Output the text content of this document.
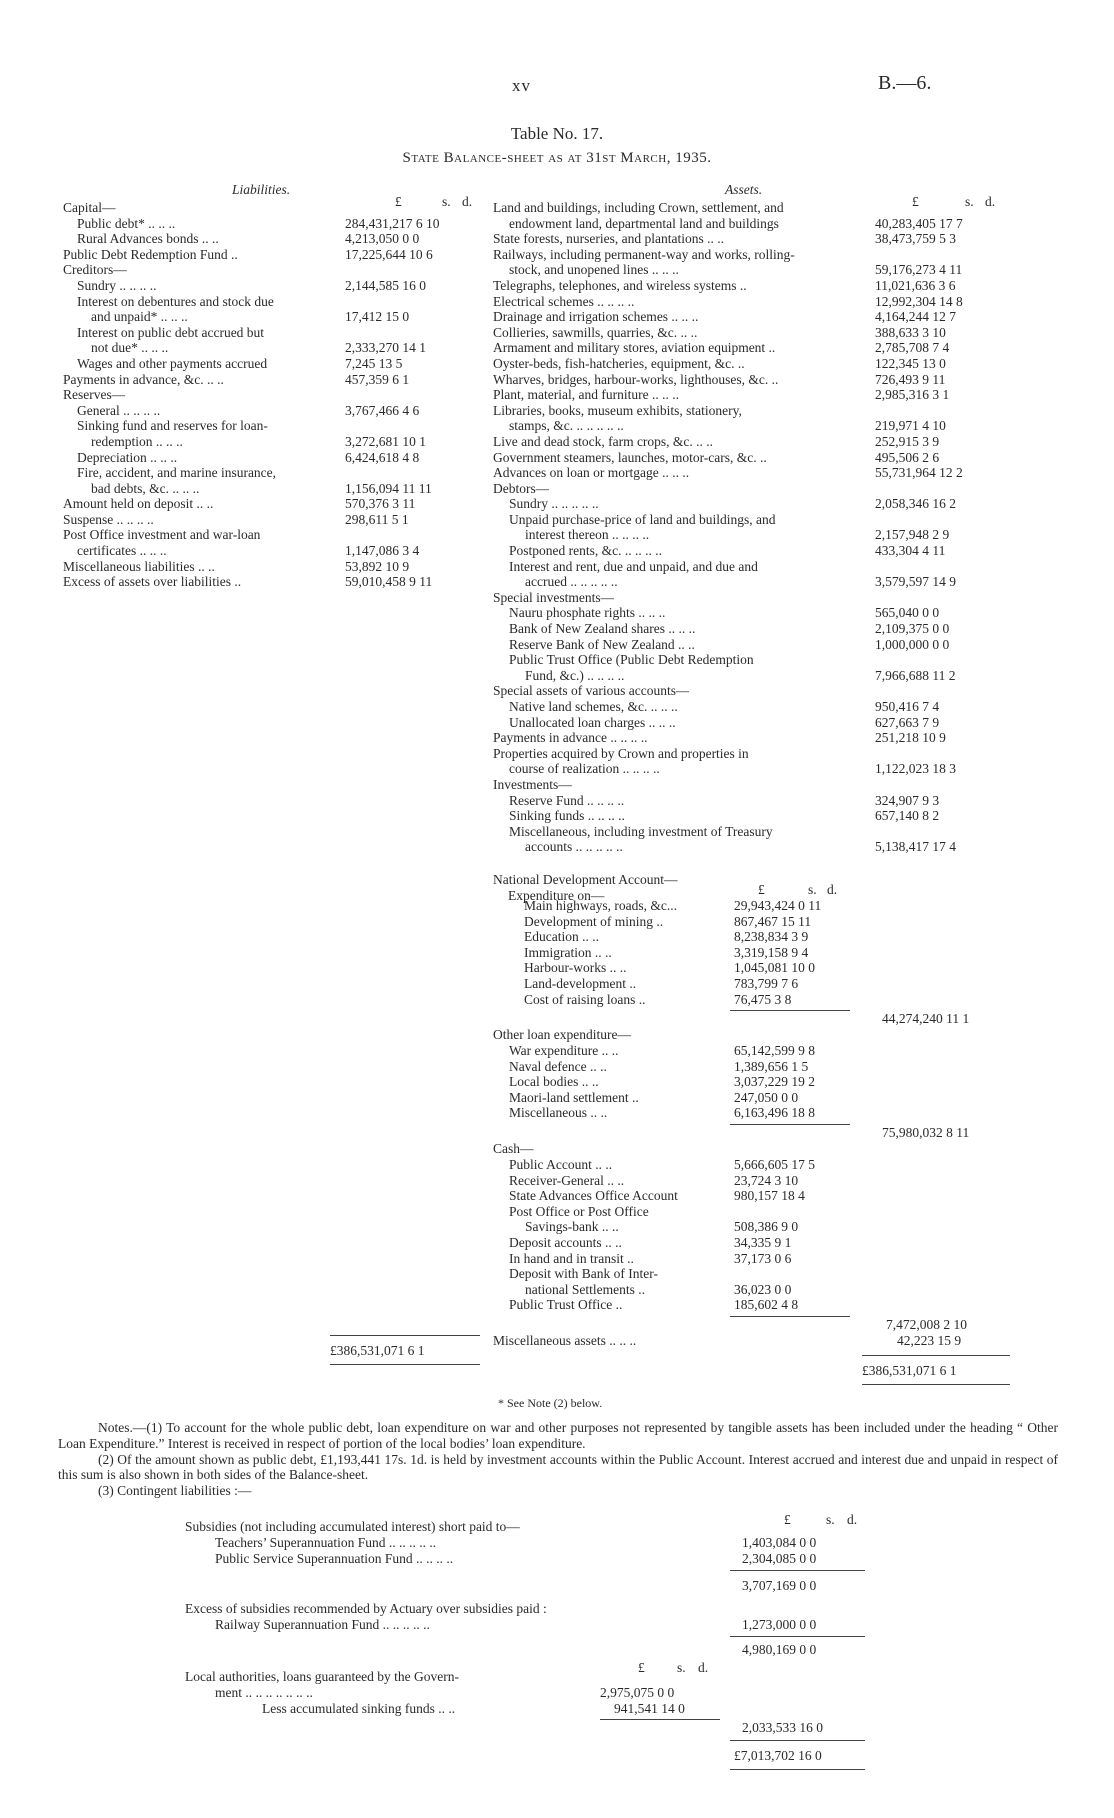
xv	B.—6.
Table No. 17.
State Balance-sheet as at 31st March, 1935.
Liabilities.
£	s. d.
Capital—
Public debt* .. .. ..	284,431,217 6 10
Rural Advances bonds .. ..	4,213,050 0 0
Public Debt Redemption Fund ..	17,225,644 10 6
Creditors—
Sundry .. .. .. ..	2,144,585 16 0
Interest on debentures and stock due
and unpaid* .. .. ..	17,412 15 0
Interest on public debt accrued but
not due* .. .. ..	2,333,270 14 1
Wages and other payments accrued	7,245 13 5
Payments in advance, &c. .. ..	457,359 6 1
Reserves—
General .. .. .. ..	3,767,466 4 6
Sinking fund and reserves for loan-
redemption .. .. ..	3,272,681 10 1
Depreciation .. .. ..	6,424,618 4 8
Fire, accident, and marine insurance,
bad debts, &c. .. .. ..	1,156,094 11 11
Amount held on deposit .. ..	570,376 3 11
Suspense .. .. .. ..	298,611 5 1
Post Office investment and war-loan
certificates .. .. ..	1,147,086 3 4
Miscellaneous liabilities .. ..	53,892 10 9
Excess of assets over liabilities ..	59,010,458 9 11
£386,531,071 6 1
Assets.
£	s. d.
Land and buildings, including Crown, settlement, and
endowment land, departmental land and buildings	40,283,405 17 7
State forests, nurseries, and plantations .. ..	38,473,759 5 3
Railways, including permanent-way and works, rolling-
stock, and unopened lines .. .. ..	59,176,273 4 11
Telegraphs, telephones, and wireless systems ..	11,021,636 3 6
Electrical schemes .. .. .. ..	12,992,304 14 8
Drainage and irrigation schemes .. .. ..	4,164,244 12 7
Collieries, sawmills, quarries, &c. .. ..	388,633 3 10
Armament and military stores, aviation equipment ..	2,785,708 7 4
Oyster-beds, fish-hatcheries, equipment, &c. ..	122,345 13 0
Wharves, bridges, harbour-works, lighthouses, &c. ..	726,493 9 11
Plant, material, and furniture .. .. ..	2,985,316 3 1
Libraries, books, museum exhibits, stationery,
stamps, &c. .. .. .. .. ..	219,971 4 10
Live and dead stock, farm crops, &c. .. ..	252,915 3 9
Government steamers, launches, motor-cars, &c. ..	495,506 2 6
Advances on loan or mortgage .. .. ..	55,731,964 12 2
Debtors—
Sundry .. .. .. .. ..	2,058,346 16 2
Unpaid purchase-price of land and buildings, and
interest thereon .. .. .. ..	2,157,948 2 9
Postponed rents, &c. .. .. .. ..	433,304 4 11
Interest and rent, due and unpaid, and due and
accrued .. .. .. .. ..	3,579,597 14 9
Special investments—
Nauru phosphate rights .. .. ..	565,040 0 0
Bank of New Zealand shares .. .. ..	2,109,375 0 0
Reserve Bank of New Zealand .. ..	1,000,000 0 0
Public Trust Office (Public Debt Redemption
Fund, &c.) .. .. .. ..	7,966,688 11 2
Special assets of various accounts—
Native land schemes, &c. .. .. ..	950,416 7 4
Unallocated loan charges .. .. ..	627,663 7 9
Payments in advance .. .. .. ..	251,218 10 9
Properties acquired by Crown and properties in
course of realization .. .. .. ..	1,122,023 18 3
Investments—
Reserve Fund .. .. .. ..	324,907 9 3
Sinking funds .. .. .. ..	657,140 8 2
Miscellaneous, including investment of Treasury
accounts .. .. .. .. ..	5,138,417 17 4
National Development Account—
Expenditure on—	£	s. d.
Main highways, roads, &c...	29,943,424 0 11
Development of mining ..	867,467 15 11
Education .. ..	8,238,834 3 9
Immigration .. ..	3,319,158 9 4
Harbour-works .. ..	1,045,081 10 0
Land-development ..	783,799 7 6
Cost of raising loans ..	76,475 3 8
44,274,240 11 1
Other loan expenditure—
War expenditure .. ..	65,142,599 9 8
Naval defence .. ..	1,389,656 1 5
Local bodies .. ..	3,037,229 19 2
Maori-land settlement ..	247,050 0 0
Miscellaneous .. ..	6,163,496 18 8
75,980,032 8 11
Cash—
Public Account .. ..	5,666,605 17 5
Receiver-General .. ..	23,724 3 10
State Advances Office Account	980,157 18 4
Post Office or Post Office
Savings-bank .. ..	508,386 9 0
Deposit accounts .. ..	34,335 9 1
In hand and in transit ..	37,173 0 6
Deposit with Bank of Inter-
national Settlements ..	36,023 0 0
Public Trust Office ..	185,602 4 8
7,472,008 2 10
Miscellaneous assets .. .. ..	42,223 15 9
£386,531,071 6 1
* See Note (2) below.

Notes.—(1) To account for the whole public debt, loan expenditure on war and other purposes not represented by tangible assets has been included under the heading “ Other Loan Expenditure.” Interest is received in respect of portion of the local bodies’ loan expenditure.

(2) Of the amount shown as public debt, £1,193,441 17s. 1d. is held by investment accounts within the Public Account. Interest accrued and interest due and unpaid in respect of this sum is also shown in both sides of the Balance-sheet.

(3) Contingent liabilities :—

Subsidies (not including accumulated interest) short paid to—	£	s. d.
Teachers’ Superannuation Fund .. .. .. .. ..	1,403,084 0 0
Public Service Superannuation Fund .. .. .. ..	2,304,085 0 0
3,707,169 0 0
Excess of subsidies recommended by Actuary over subsidies paid :
Railway Superannuation Fund .. .. .. .. ..	1,273,000 0 0
4,980,169 0 0
£ s. d.
Local authorities, loans guaranteed by the Govern-
ment .. .. .. .. .. .. ..	2,975,075 0 0
Less accumulated sinking funds .. ..	941,541 14 0
2,033,533 16 0
£7,013,702 16 0
